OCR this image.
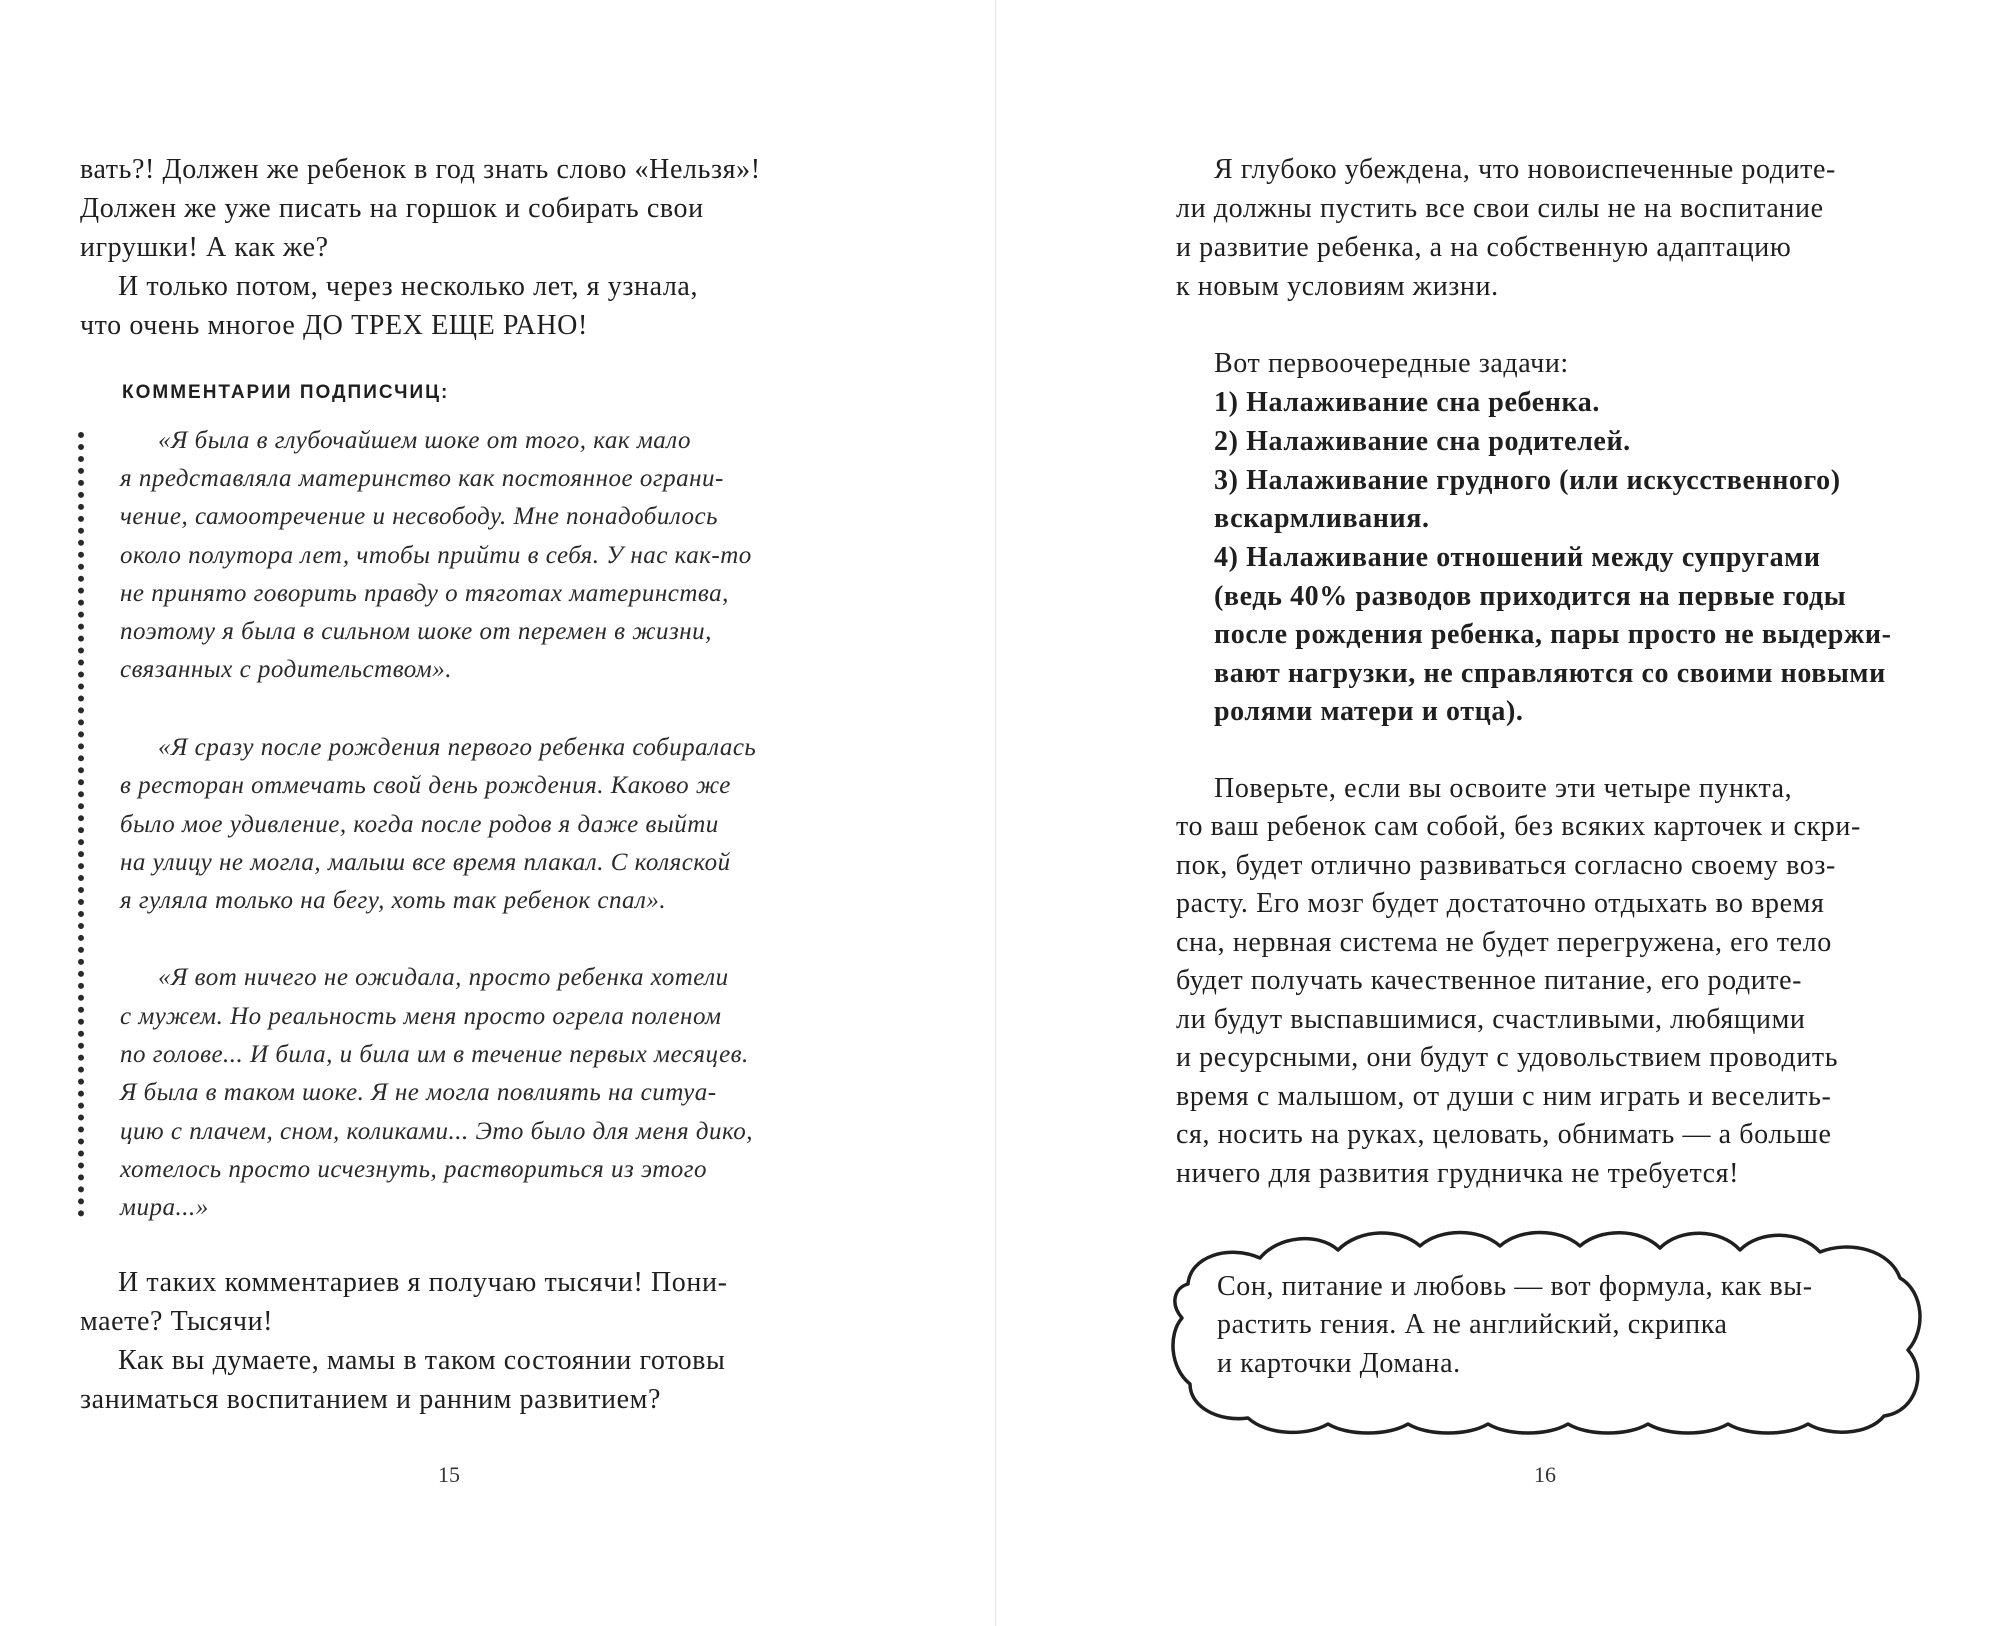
вать?! Должен же ребенок в год знать слово «Нельзя»!
Должен же уже писать на горшок и собирать свои
игрушки! А как же?
И только потом, через несколько лет, я узнала,
что очень многое ДО ТРЕХ ЕЩЕ РАНО!
КОММЕНТАРИИ ПОДПИСЧИЦ:
«Я была в глубочайшем шоке от того, как мало
я представляла материнство как постоянное ограни-
чение, самоотречение и несвободу. Мне понадобилось
около полутора лет, чтобы прийти в себя. У нас как-то
не принято говорить правду о тяготах материнства,
поэтому я была в сильном шоке от перемен в жизни,
связанных с родительством».
«Я сразу после рождения первого ребенка собиралась
в ресторан отмечать свой день рождения. Каково же
было мое удивление, когда после родов я даже выйти
на улицу не могла, малыш все время плакал. С коляской
я гуляла только на бегу, хоть так ребенок спал».
«Я вот ничего не ожидала, просто ребенка хотели
с мужем. Но реальность меня просто огрела поленом
по голове... И била, и била им в течение первых месяцев.
Я была в таком шоке. Я не могла повлиять на ситуа-
цию с плачем, сном, коликами... Это было для меня дико,
хотелось просто исчезнуть, раствориться из этого
мира...»
И таких комментариев я получаю тысячи! Пони-
маете? Тысячи!
Как вы думаете, мамы в таком состоянии готовы
заниматься воспитанием и ранним развитием?
15
Я глубоко убеждена, что новоиспеченные родите-
ли должны пустить все свои силы не на воспитание
и развитие ребенка, а на собственную адаптацию
к новым условиям жизни.
Вот первоочередные задачи:
1) Налаживание сна ребенка.
2) Налаживание сна родителей.
3) Налаживание грудного (или искусственного)
вскармливания.
4) Налаживание отношений между супругами
(ведь 40% разводов приходится на первые годы
после рождения ребенка, пары просто не выдержи-
вают нагрузки, не справляются со своими новыми
ролями матери и отца).
Поверьте, если вы освоите эти четыре пункта,
то ваш ребенок сам собой, без всяких карточек и скри-
пок, будет отлично развиваться согласно своему воз-
расту. Его мозг будет достаточно отдыхать во время
сна, нервная система не будет перегружена, его тело
будет получать качественное питание, его родите-
ли будут выспавшимися, счастливыми, любящими
и ресурсными, они будут с удовольствием проводить
время с малышом, от души с ним играть и веселить-
ся, носить на руках, целовать, обнимать — а больше
ничего для развития грудничка не требуется!
16
Сон, питание и любовь — вот формула, как вы-
растить гения. А не английский, скрипка
и карточки Домана.
